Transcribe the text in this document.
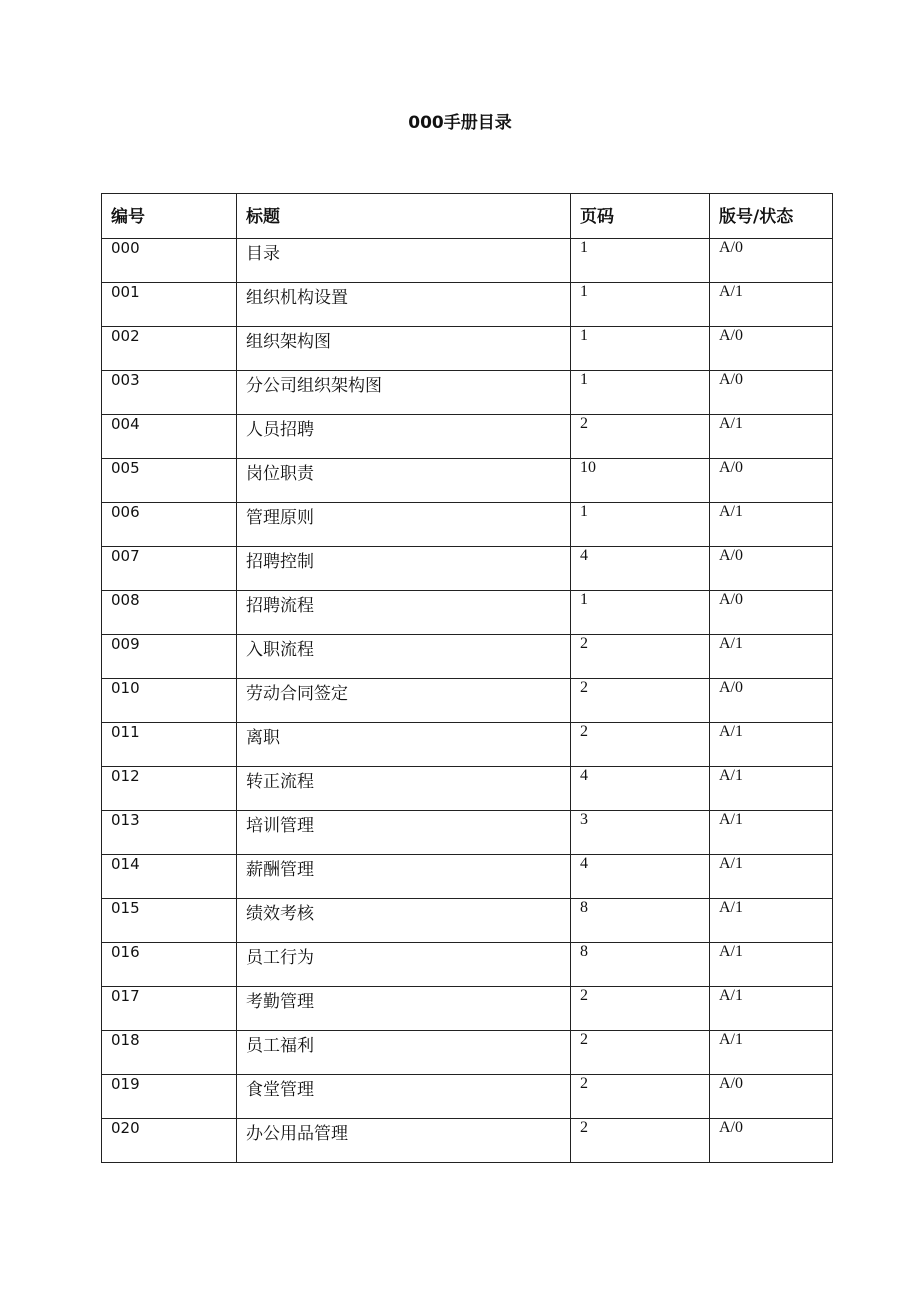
000手册目录
编号	标题	页码	版号/状态
000	目录	1	A/0
001	组织机构设置	1	A/1
002	组织架构图	1	A/0
003	分公司组织架构图	1	A/0
004	人员招聘	2	A/1
005	岗位职责	10	A/0
006	管理原则	1	A/1
007	招聘控制	4	A/0
008	招聘流程	1	A/0
009	入职流程	2	A/1
010	劳动合同签定	2	A/0
011	离职	2	A/1
012	转正流程	4	A/1
013	培训管理	3	A/1
014	薪酬管理	4	A/1
015	绩效考核	8	A/1
016	员工行为	8	A/1
017	考勤管理	2	A/1
018	员工福利	2	A/1
019	食堂管理	2	A/0
020	办公用品管理	2	A/0
